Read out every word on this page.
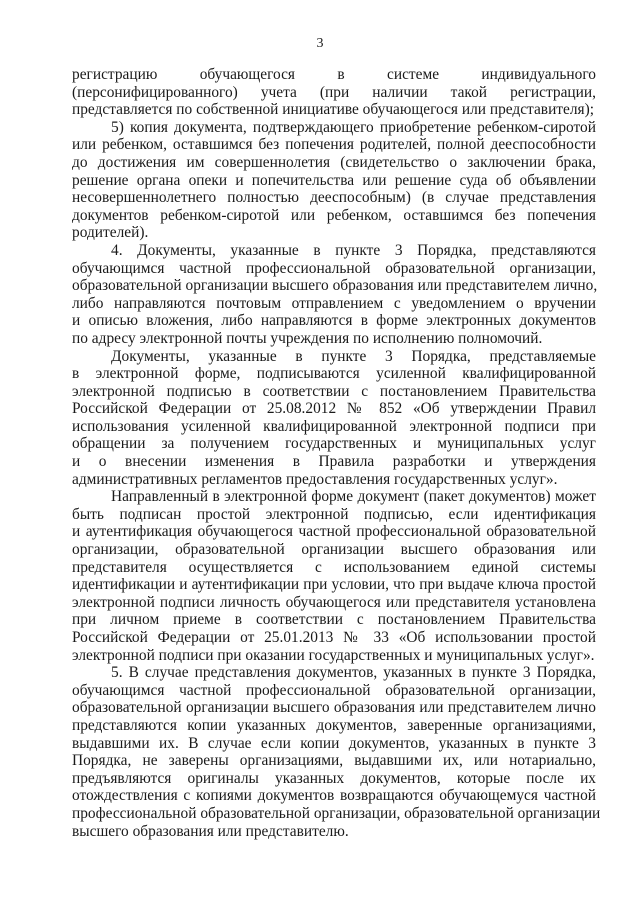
3
регистрацию обучающегося в системе индивидуального
(персонифицированного) учета (при наличии такой регистрации,
представляется по собственной инициативе обучающегося или представителя);
5) копия документа, подтверждающего приобретение ребенком-сиротой
или ребенком, оставшимся без попечения родителей, полной дееспособности
до достижения им совершеннолетия (свидетельство о заключении брака,
решение органа опеки и попечительства или решение суда об объявлении
несовершеннолетнего полностью дееспособным) (в случае представления
документов ребенком-сиротой или ребенком, оставшимся без попечения
родителей).
4. Документы, указанные в пункте 3 Порядка, представляются
обучающимся частной профессиональной образовательной организации,
образовательной организации высшего образования или представителем лично,
либо направляются почтовым отправлением с уведомлением о вручении
и описью вложения, либо направляются в форме электронных документов
по адресу электронной почты учреждения по исполнению полномочий.
Документы, указанные в пункте 3 Порядка, представляемые
в электронной форме, подписываются усиленной квалифицированной
электронной подписью в соответствии с постановлением Правительства
Российской Федерации от 25.08.2012 № 852 «Об утверждении Правил
использования усиленной квалифицированной электронной подписи при
обращении за получением государственных и муниципальных услуг
и о внесении изменения в Правила разработки и утверждения
административных регламентов предоставления государственных услуг».
Направленный в электронной форме документ (пакет документов) может
быть подписан простой электронной подписью, если идентификация
и аутентификация обучающегося частной профессиональной образовательной
организации, образовательной организации высшего образования или
представителя осуществляется с использованием единой системы
идентификации и аутентификации при условии, что при выдаче ключа простой
электронной подписи личность обучающегося или представителя установлена
при личном приеме в соответствии с постановлением Правительства
Российской Федерации от 25.01.2013 № 33 «Об использовании простой
электронной подписи при оказании государственных и муниципальных услуг».
5. В случае представления документов, указанных в пункте 3 Порядка,
обучающимся частной профессиональной образовательной организации,
образовательной организации высшего образования или представителем лично
представляются копии указанных документов, заверенные организациями,
выдавшими их. В случае если копии документов, указанных в пункте 3
Порядка, не заверены организациями, выдавшими их, или нотариально,
предъявляются оригиналы указанных документов, которые после их
отождествления с копиями документов возвращаются обучающемуся частной
профессиональной образовательной организации, образовательной организации
высшего образования или представителю.
